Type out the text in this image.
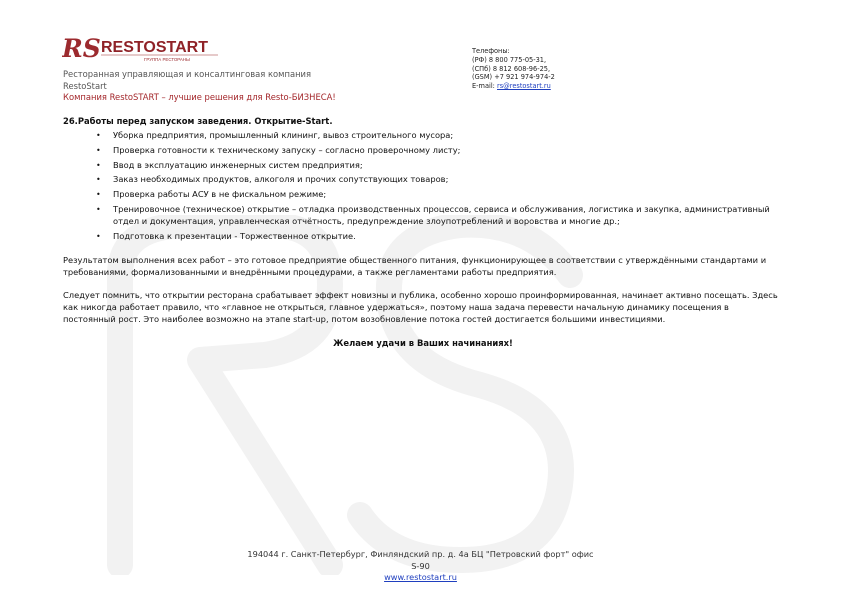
RS RESTOSTART
ГРУППА РЕСТОРАНЫ
Ресторанная управляющая и консалтинговая компания
RestoStart
Компания RestoSTART – лучшие решения для Resto-БИЗНЕСА!
Телефоны:
(РФ) 8 800 775-05-31,
(СПб) 8 812 608-96-25,
(GSM) +7 921 974-974-2
E-mail: rs@restostart.ru
26.Работы перед запуском заведения. Открытие-Start.
• Уборка предприятия, промышленный клининг, вывоз строительного мусора;
• Проверка готовности к техническому запуску – согласно проверочному листу;
• Ввод в эксплуатацию инженерных систем предприятия;
• Заказ необходимых продуктов, алкоголя и прочих сопутствующих товаров;
• Проверка работы АСУ в не фискальном режиме;
• Тренировочное (техническое) открытие – отладка производственных процессов, сервиса и обслуживания, логистика и закупка, административный отдел и документация, управленческая отчётность, предупреждение злоупотреблений и воровства и многие др.;
• Подготовка к презентации - Торжественное открытие.

Результатом выполнения всех работ – это готовое предприятие общественного питания, функционирующее в соответствии с утверждёнными стандартами и требованиями, формализованными и внедрёнными процедурами, а также регламентами работы предприятия.

Следует помнить, что открытии ресторана срабатывает эффект новизны и публика, особенно хорошо проинформированная, начинает активно посещать. Здесь как никогда работает правило, что «главное не открыться, главное удержаться», поэтому наша задача перевести начальную динамику посещения в постоянный рост. Это наиболее возможно на этапе start-up, потом возобновление потока гостей достигается большими инвестициями.

Желаем удачи в Ваших начинаниях!

194044 г. Санкт-Петербург, Финляндский пр. д. 4а БЦ "Петровский форт" офис
S-90
www.restostart.ru
